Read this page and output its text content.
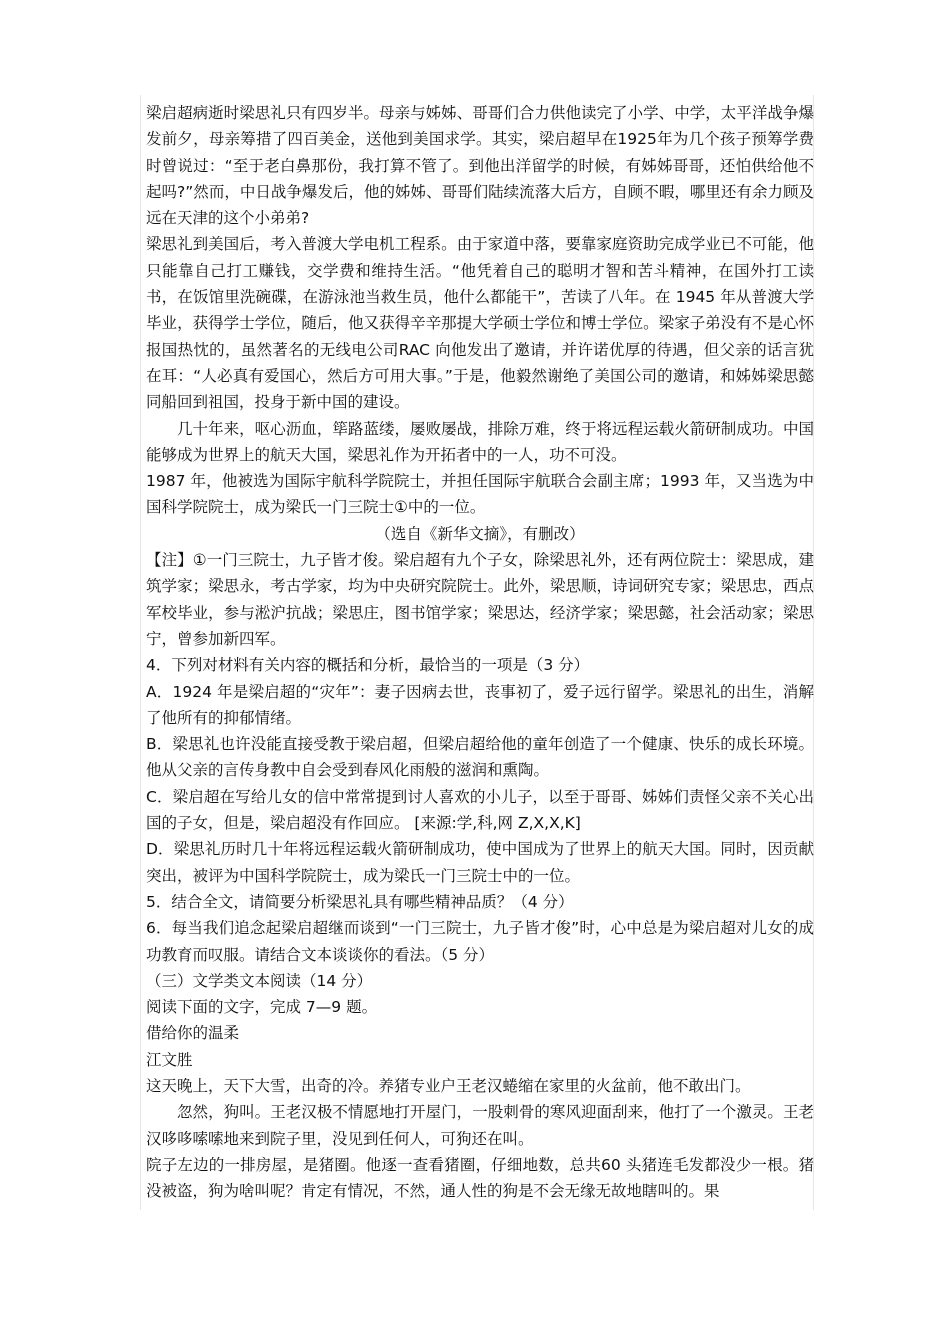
梁启超病逝时梁思礼只有四岁半。母亲与姊姊、哥哥们合力供他读完了小学、中学，太平洋战争爆发前夕，母亲筹措了四百美金，送他到美国求学。其实，梁启超早在1925年为几个孩子预筹学费时曾说过：“至于老白鼻那份，我打算不管了。到他出洋留学的时候，有姊姊哥哥，还怕供给他不起吗?”然而，中日战争爆发后，他的姊姊、哥哥们陆续流落大后方，自顾不暇，哪里还有余力顾及远在天津的这个小弟弟?

梁思礼到美国后，考入普渡大学电机工程系。由于家道中落，要靠家庭资助完成学业已不可能，他只能靠自己打工赚钱，交学费和维持生活。“他凭着自己的聪明才智和苦斗精神，在国外打工读书，在饭馆里洗碗碟，在游泳池当救生员，他什么都能干”，苦读了八年。在 1945 年从普渡大学毕业，获得学士学位，随后，他又获得辛辛那提大学硕士学位和博士学位。梁家子弟没有不是心怀报国热忱的，虽然著名的无线电公司RAC 向他发出了邀请，并许诺优厚的待遇，但父亲的话言犹在耳：“人必真有爱国心，然后方可用大事。”于是，他毅然谢绝了美国公司的邀请，和姊姊梁思懿同船回到祖国，投身于新中国的建设。

几十年来，呕心沥血，筚路蓝缕，屡败屡战，排除万难，终于将远程运载火箭研制成功。中国能够成为世界上的航天大国，梁思礼作为开拓者中的一人，功不可没。

1987 年，他被选为国际宇航科学院院士，并担任国际宇航联合会副主席；1993 年，又当选为中国科学院院士，成为梁氏一门三院士①中的一位。

（选自《新华文摘》，有删改）

【注】①一门三院士，九子皆才俊。梁启超有九个子女，除梁思礼外，还有两位院士：梁思成，建筑学家；梁思永，考古学家，均为中央研究院院士。此外，梁思顺，诗词研究专家；梁思忠，西点军校毕业，参与淞沪抗战；梁思庄，图书馆学家；梁思达，经济学家；梁思懿，社会活动家；梁思宁，曾参加新四军。

4．下列对材料有关内容的概括和分析，最恰当的一项是（3 分）

A．1924 年是梁启超的“灾年”：妻子因病去世，丧事初了，爱子远行留学。梁思礼的出生，消解了他所有的抑郁情绪。

B．梁思礼也许没能直接受教于梁启超，但梁启超给他的童年创造了一个健康、快乐的成长环境。他从父亲的言传身教中自会受到春风化雨般的滋润和熏陶。

C．梁启超在写给儿女的信中常常提到讨人喜欢的小儿子，以至于哥哥、姊姊们责怪父亲不关心出国的子女，但是，梁启超没有作回应。 [来源:学,科,网 Z,X,X,K]

D．梁思礼历时几十年将远程运载火箭研制成功，使中国成为了世界上的航天大国。同时，因贡献突出，被评为中国科学院院士，成为梁氏一门三院士中的一位。

5．结合全文，请简要分析梁思礼具有哪些精神品质？（4 分）

6．每当我们追念起梁启超继而谈到“一门三院士，九子皆才俊”时，心中总是为梁启超对儿女的成功教育而叹服。请结合文本谈谈你的看法。（5 分）

（三）文学类文本阅读（14 分）

阅读下面的文字，完成 7—9 题。

借给你的温柔

江文胜

这天晚上，天下大雪，出奇的冷。养猪专业户王老汉蜷缩在家里的火盆前，他不敢出门。

忽然，狗叫。王老汉极不情愿地打开屋门，一股刺骨的寒风迎面刮来，他打了一个激灵。王老汉哆哆嗦嗦地来到院子里，没见到任何人，可狗还在叫。

院子左边的一排房屋，是猪圈。他逐一查看猪圈，仔细地数，总共60 头猪连毛发都没少一根。猪没被盗，狗为啥叫呢？肯定有情况，不然，通人性的狗是不会无缘无故地瞎叫的。果
